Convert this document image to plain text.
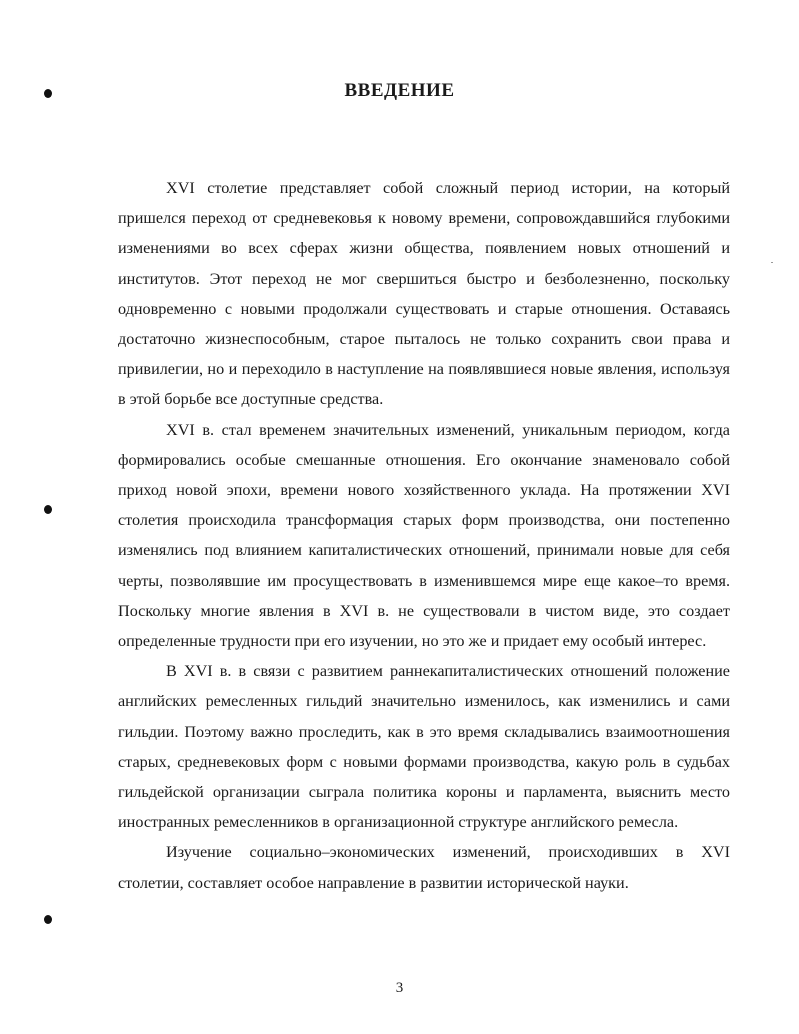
ВВЕДЕНИЕ

XVI столетие представляет собой сложный период истории, на который пришелся переход от средневековья к новому времени, сопровождавшийся глубокими изменениями во всех сферах жизни общества, появлением новых отношений и институтов. Этот переход не мог свершиться быстро и безболезненно, поскольку одновременно с новыми продолжали существовать и старые отношения. Оставаясь достаточно жизнеспособным, старое пыталось не только сохранить свои права и привилегии, но и переходило в наступление на появлявшиеся новые явления, используя в этой борьбе все доступные средства.

XVI в. стал временем значительных изменений, уникальным периодом, когда формировались особые смешанные отношения. Его окончание знаменовало собой приход новой эпохи, времени нового хозяйственного уклада. На протяжении XVI столетия происходила трансформация старых форм производства, они постепенно изменялись под влиянием капиталистических отношений, принимали новые для себя черты, позволявшие им просуществовать в изменившемся мире еще какое–то время. Поскольку многие явления в XVI в. не существовали в чистом виде, это создает определенные трудности при его изучении, но это же и придает ему особый интерес.

В XVI в. в связи с развитием раннекапиталистических отношений положение английских ремесленных гильдий значительно изменилось, как изменились и сами гильдии. Поэтому важно проследить, как в это время складывались взаимоотношения старых, средневековых форм с новыми формами производства, какую роль в судьбах гильдейской организации сыграла политика короны и парламента, выяснить место иностранных ремесленников в организационной структуре английского ремесла.

Изучение социально–экономических изменений, происходивших в XVI столетии, составляет особое направление в развитии исторической науки.

3
